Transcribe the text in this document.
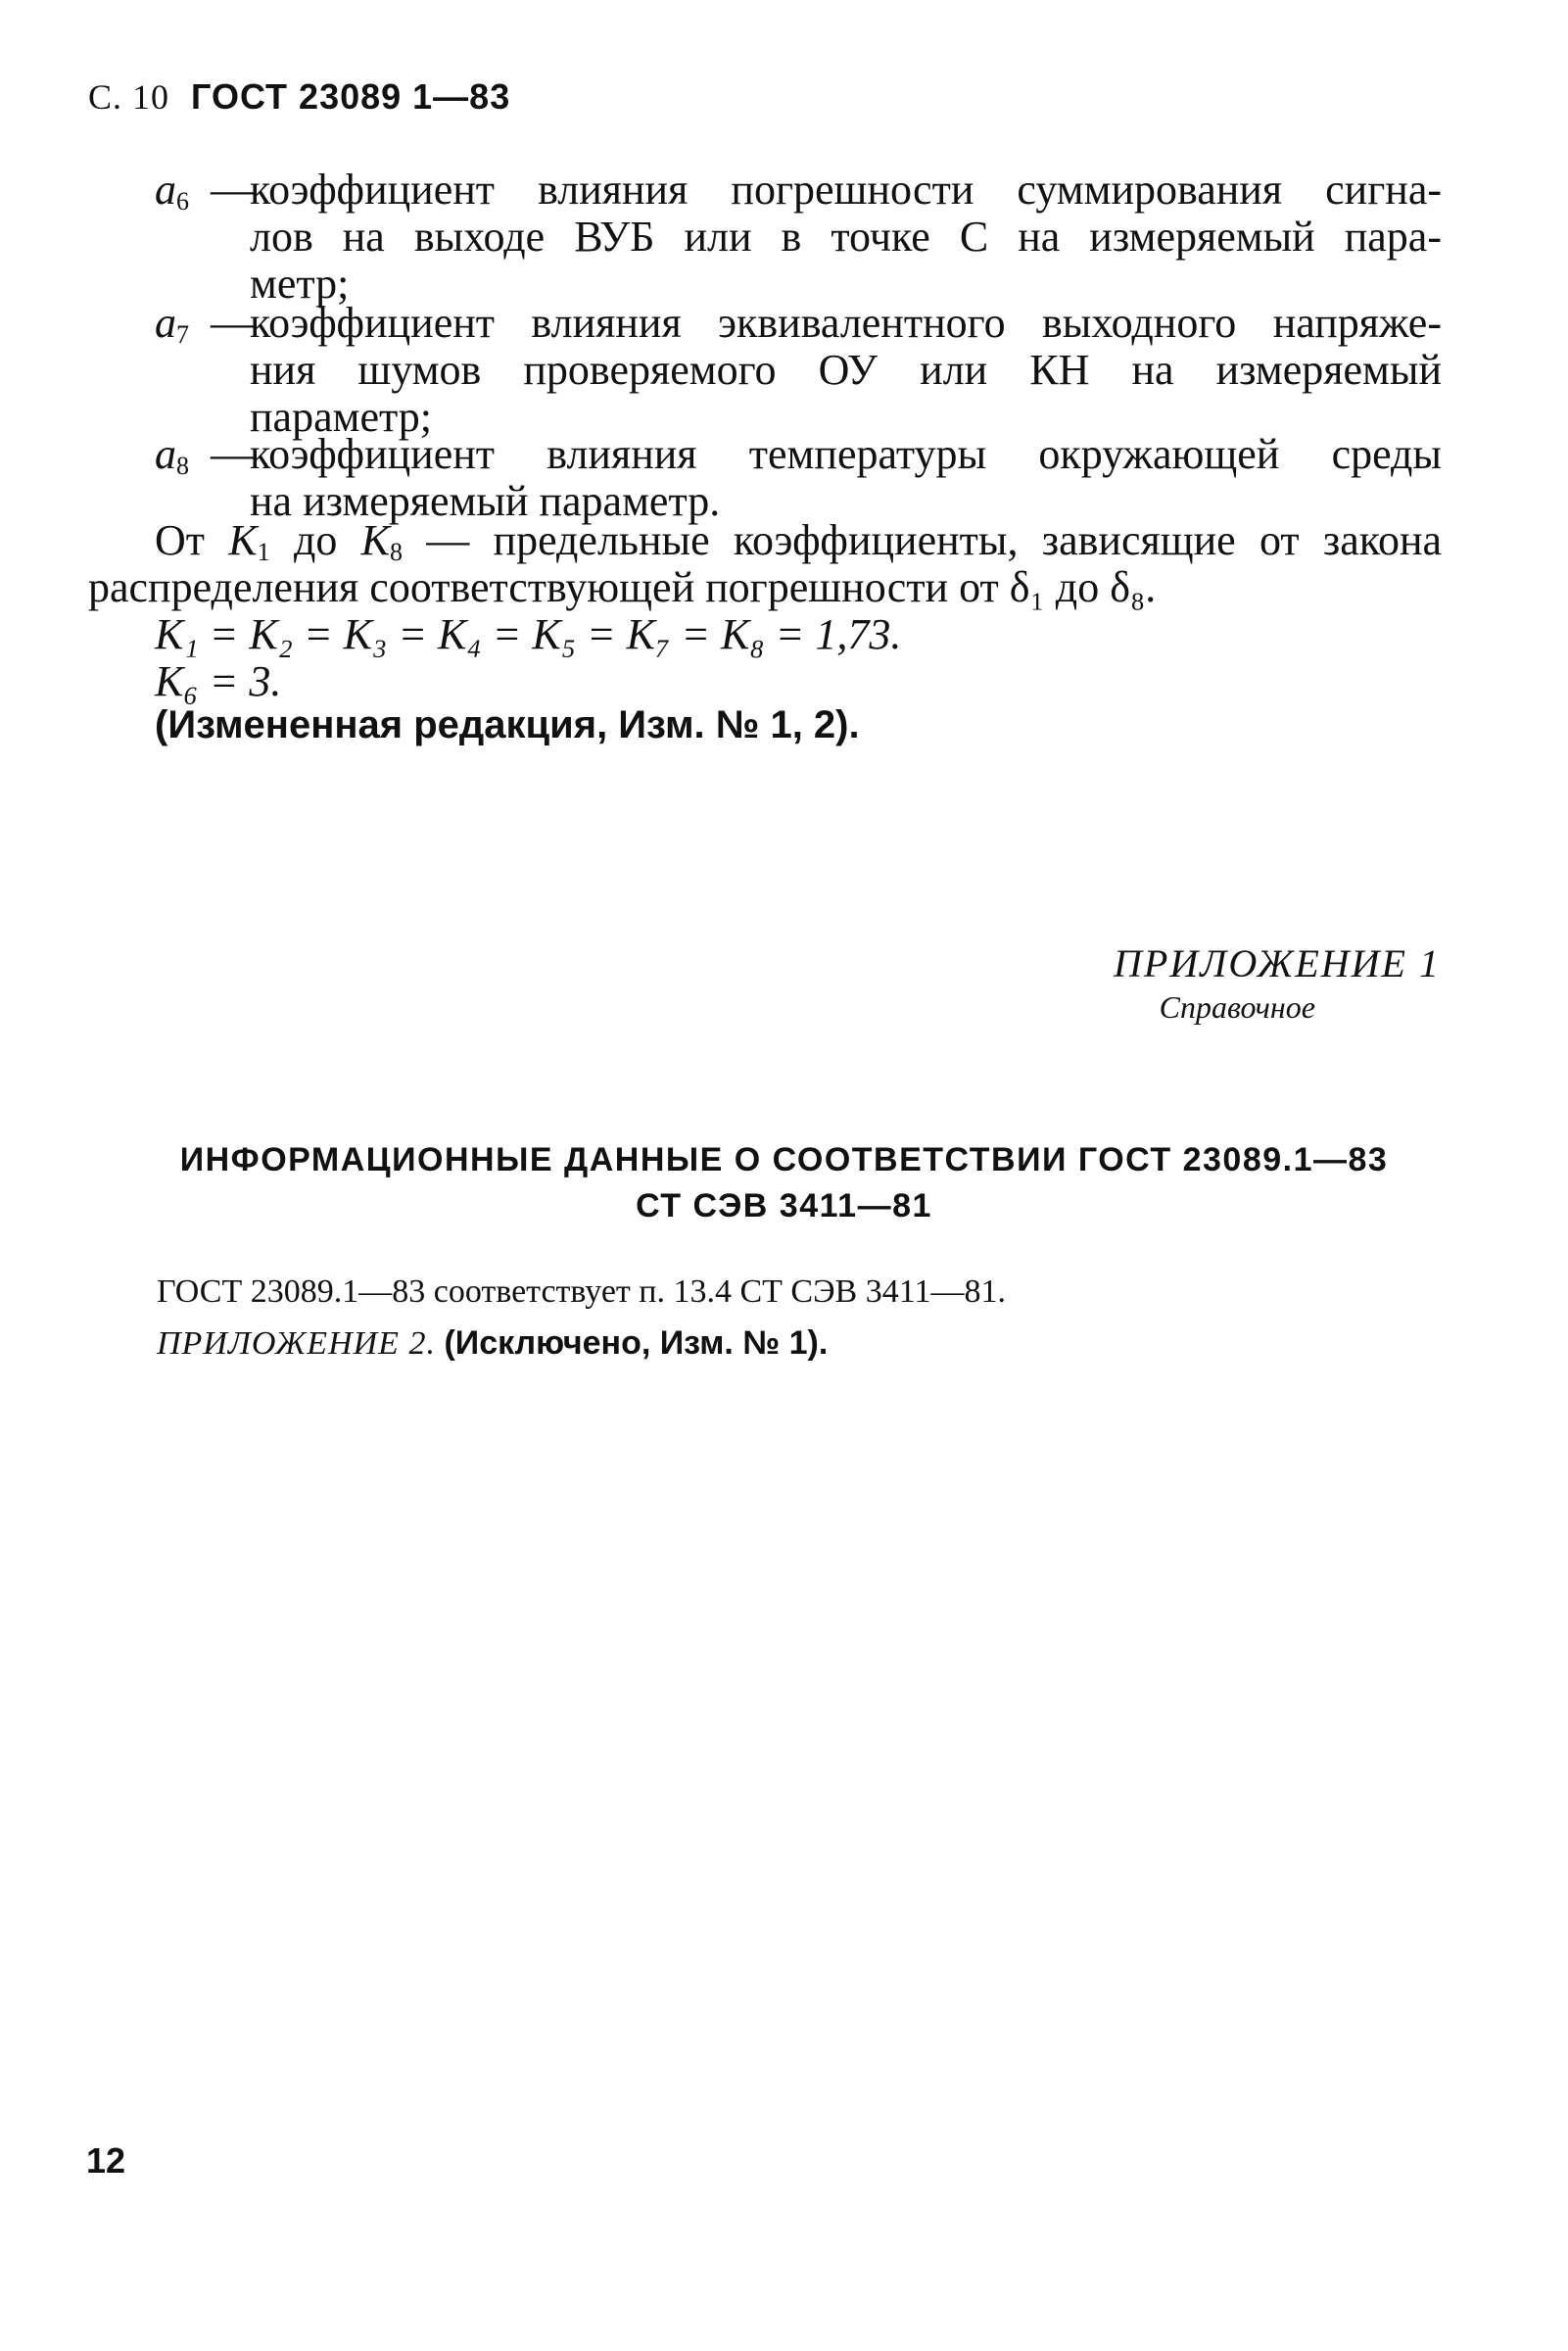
С. 10 ГОСТ 23089 1—83
$a_6$ —
коэффициент влияния погрешности суммирования сигна-
лов на выходе ВУБ или в точке С на измеряемый пара-
метр;
$a_7$ —
коэффициент влияния эквивалентного выходного напряже-
ния шумов проверяемого ОУ или КН на измеряемый
параметр;
$a_8$ —
коэффициент влияния температуры окружающей среды
на измеряемый параметр.
От $K_1$ до $K_8$ — предельные коэффициенты, зависящие от закона
распределения соответствующей погрешности от δ₁ до δ₈.
K₁ = K₂ = K₃ = K₄ = K₅ = K₇ = K₈ = 1,73.
K₆ = 3.
(Измененная редакция, Изм. № 1, 2).
ПРИЛОЖЕНИЕ 1
Справочное
ИНФОРМАЦИОННЫЕ ДАННЫЕ О СООТВЕТСТВИИ ГОСТ 23089.1—83
СТ СЭВ 3411—81
ГОСТ 23089.1—83 соответствует п. 13.4 СТ СЭВ 3411—81.
ПРИЛОЖЕНИЕ 2. (Исключено, Изм. № 1).
12
